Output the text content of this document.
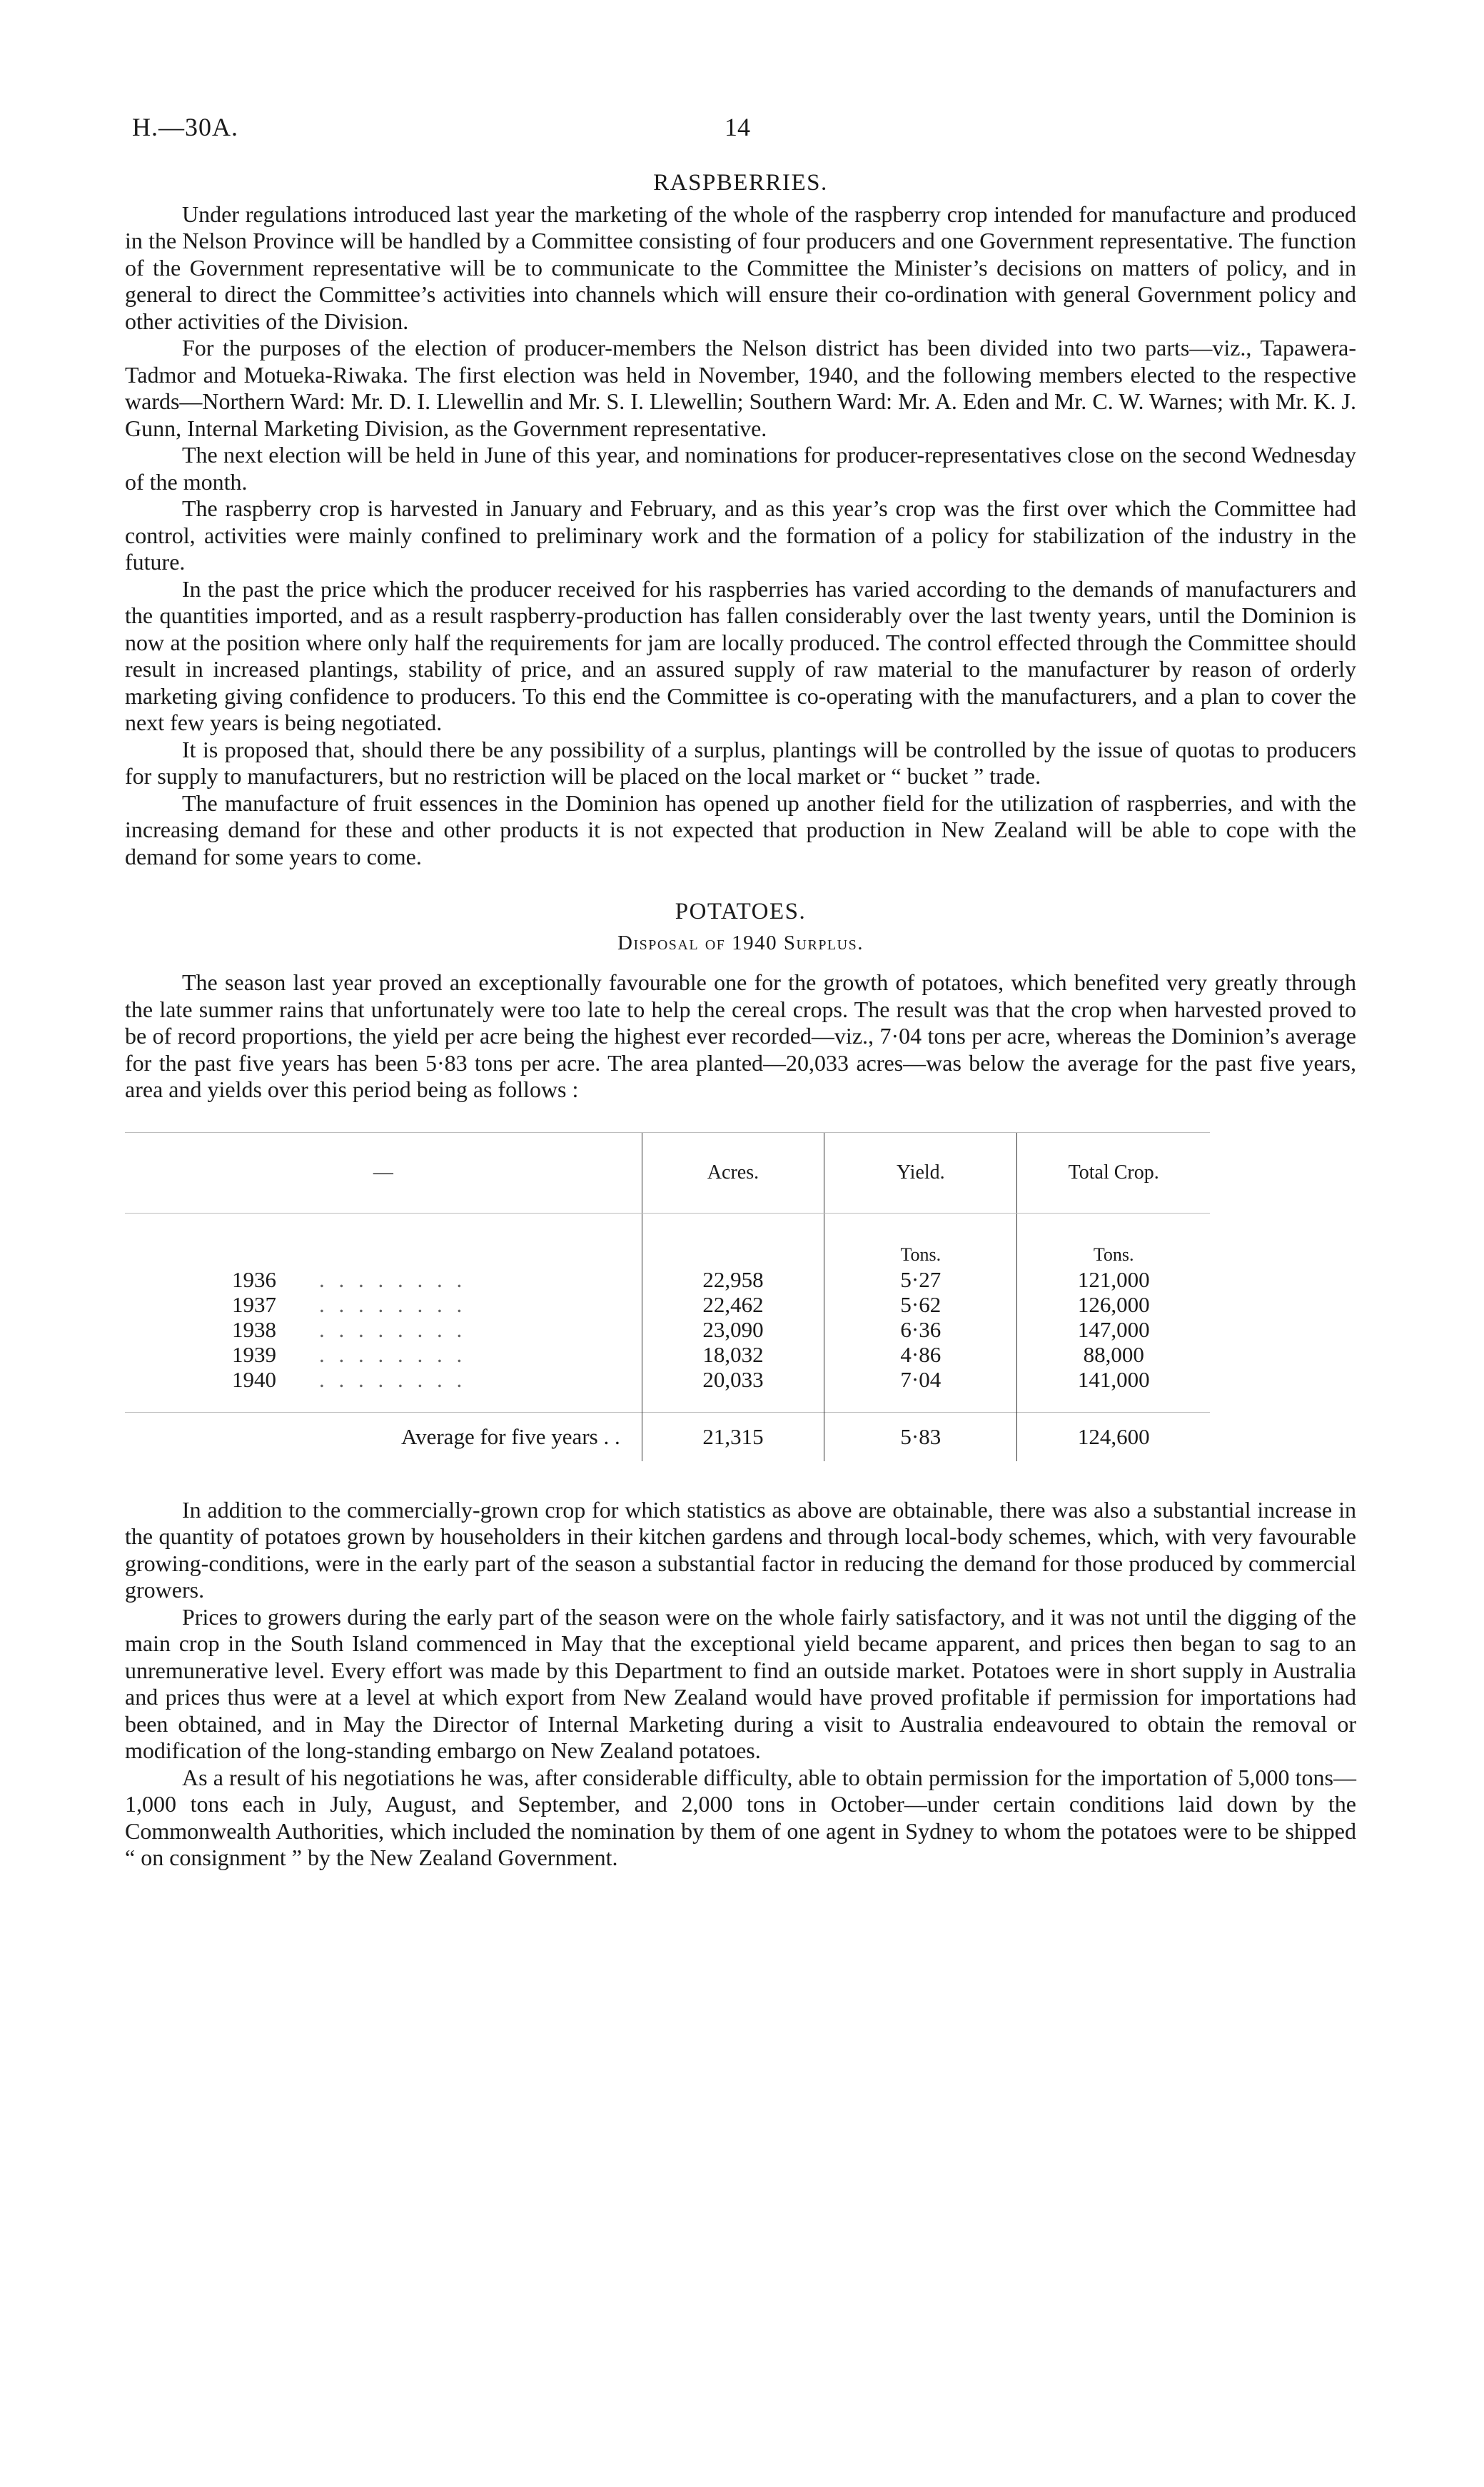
H.—30A.	14
RASPBERRIES.

Under regulations introduced last year the marketing of the whole of the raspberry crop intended for manufacture and produced in the Nelson Province will be handled by a Committee consisting of four producers and one Government representative. The function of the Government representative will be to communicate to the Committee the Minister’s decisions on matters of policy, and in general to direct the Committee’s activities into channels which will ensure their co-ordination with general Government policy and other activities of the Division.

For the purposes of the election of producer-members the Nelson district has been divided into two parts—viz., Tapawera-Tadmor and Motueka-Riwaka. The first election was held in November, 1940, and the following members elected to the respective wards—Northern Ward: Mr. D. I. Llewellin and Mr. S. I. Llewellin; Southern Ward: Mr. A. Eden and Mr. C. W. Warnes; with Mr. K. J. Gunn, Internal Marketing Division, as the Government representative.

The next election will be held in June of this year, and nominations for producer-representatives close on the second Wednesday of the month.

The raspberry crop is harvested in January and February, and as this year’s crop was the first over which the Committee had control, activities were mainly confined to preliminary work and the formation of a policy for stabilization of the industry in the future.

In the past the price which the producer received for his raspberries has varied according to the demands of manufacturers and the quantities imported, and as a result raspberry-production has fallen considerably over the last twenty years, until the Dominion is now at the position where only half the requirements for jam are locally produced. The control effected through the Committee should result in increased plantings, stability of price, and an assured supply of raw material to the manufacturer by reason of orderly marketing giving confidence to producers. To this end the Committee is co-operating with the manufacturers, and a plan to cover the next few years is being negotiated.

It is proposed that, should there be any possibility of a surplus, plantings will be controlled by the issue of quotas to producers for supply to manufacturers, but no restriction will be placed on the local market or “ bucket ” trade.

The manufacture of fruit essences in the Dominion has opened up another field for the utilization of raspberries, and with the increasing demand for these and other products it is not expected that production in New Zealand will be able to cope with the demand for some years to come.

POTATOES.
Disposal of 1940 Surplus.

The season last year proved an exceptionally favourable one for the growth of potatoes, which benefited very greatly through the late summer rains that unfortunately were too late to help the cereal crops. The result was that the crop when harvested proved to be of record proportions, the yield per acre being the highest ever recorded—viz., 7·04 tons per acre, whereas the Dominion’s average for the past five years has been 5·83 tons per acre. The area planted—20,033 acres—was below the average for the past five years, area and yields over this period being as follows :

—	Acres.	Yield.	Total Crop.
		Tons.	Tons.
1936 . . . . . . . .	22,958	5·27	121,000
1937 . . . . . . . .	22,462	5·62	126,000
1938 . . . . . . . .	23,090	6·36	147,000
1939 . . . . . . . .	18,032	4·86	88,000
1940 . . . . . . . .	20,033	7·04	141,000
Average for five years . .	21,315	5·83	124,600

In addition to the commercially-grown crop for which statistics as above are obtainable, there was also a substantial increase in the quantity of potatoes grown by householders in their kitchen gardens and through local-body schemes, which, with very favourable growing-conditions, were in the early part of the season a substantial factor in reducing the demand for those produced by commercial growers.

Prices to growers during the early part of the season were on the whole fairly satisfactory, and it was not until the digging of the main crop in the South Island commenced in May that the exceptional yield became apparent, and prices then began to sag to an unremunerative level. Every effort was made by this Department to find an outside market. Potatoes were in short supply in Australia and prices thus were at a level at which export from New Zealand would have proved profitable if permission for importations had been obtained, and in May the Director of Internal Marketing during a visit to Australia endeavoured to obtain the removal or modification of the long-standing embargo on New Zealand potatoes.

As a result of his negotiations he was, after considerable difficulty, able to obtain permission for the importation of 5,000 tons—1,000 tons each in July, August, and September, and 2,000 tons in October—under certain conditions laid down by the Commonwealth Authorities, which included the nomination by them of one agent in Sydney to whom the potatoes were to be shipped “ on consignment ” by the New Zealand Government.
